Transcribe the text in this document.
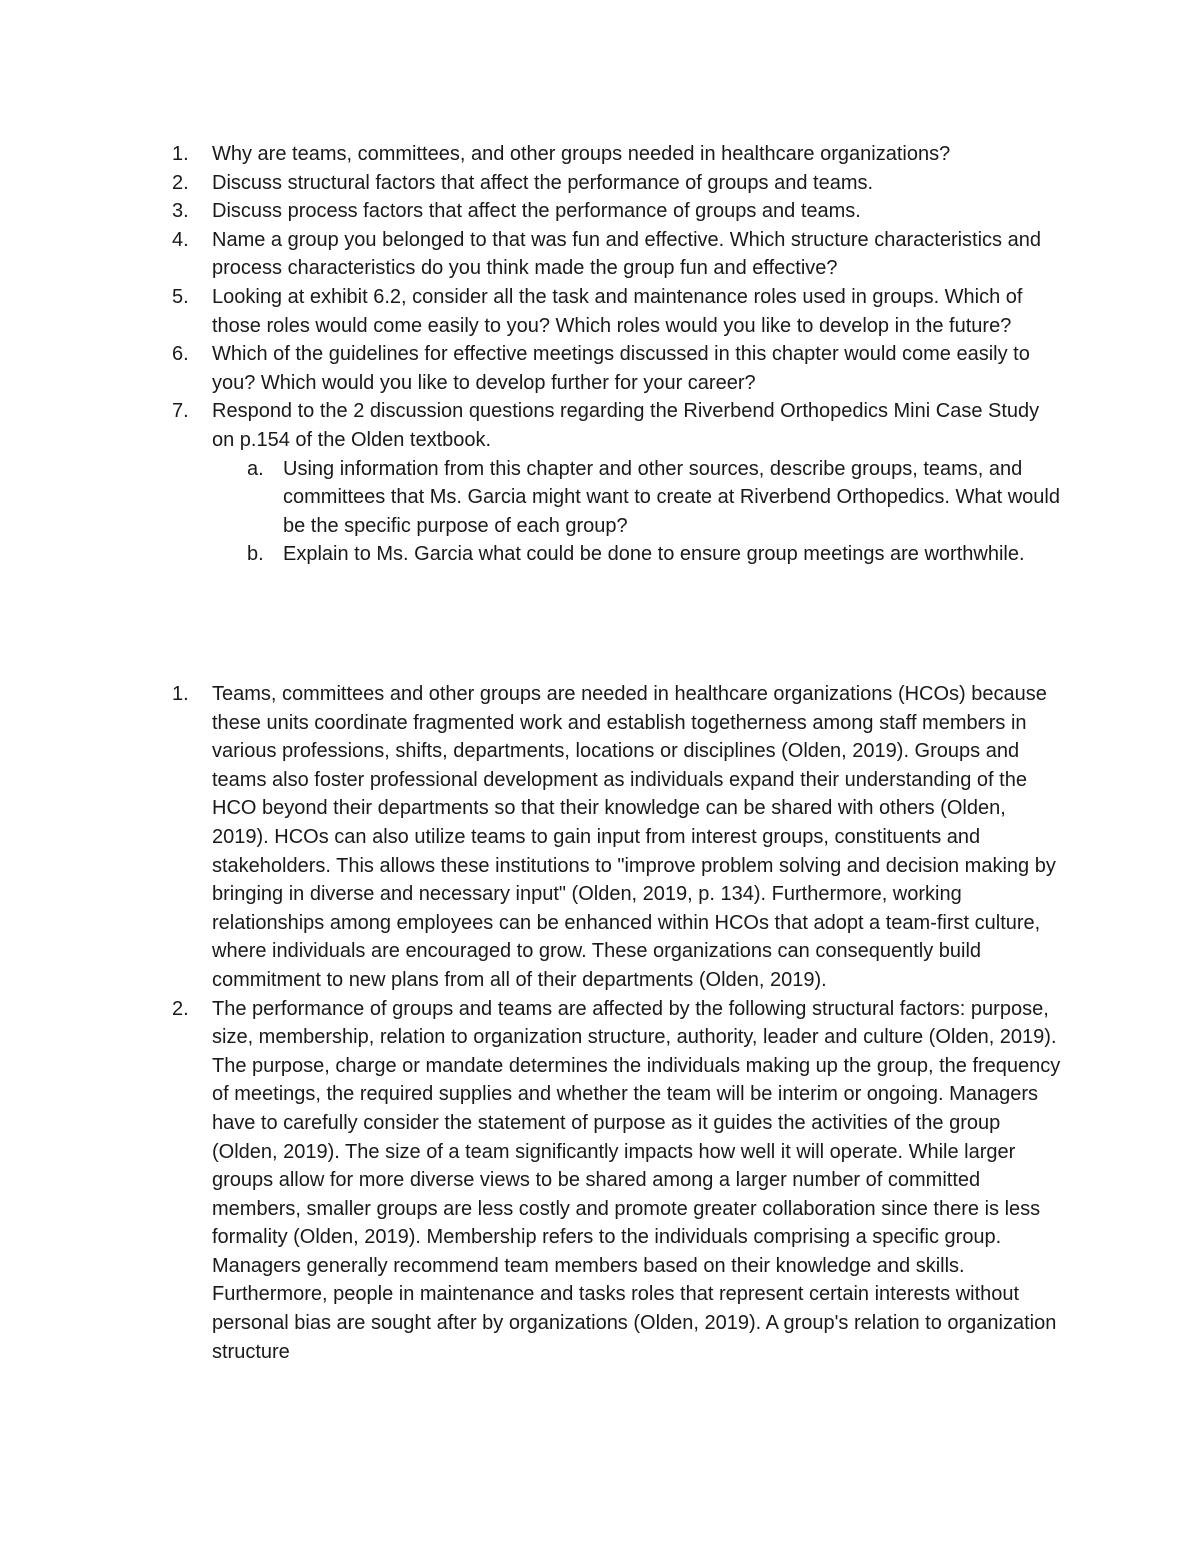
1.	Why are teams, committees, and other groups needed in healthcare organizations?
2.	Discuss structural factors that affect the performance of groups and teams.
3.	Discuss process factors that affect the performance of groups and teams.
4.	Name a group you belonged to that was fun and effective. Which structure characteristics and process characteristics do you think made the group fun and effective?
5.	Looking at exhibit 6.2, consider all the task and maintenance roles used in groups. Which of those roles would come easily to you? Which roles would you like to develop in the future?
6.	Which of the guidelines for effective meetings discussed in this chapter would come easily to you? Which would you like to develop further for your career?
7.	Respond to the 2 discussion questions regarding the Riverbend Orthopedics Mini Case Study on p.154 of the Olden textbook.
a. Using information from this chapter and other sources, describe groups, teams, and committees that Ms. Garcia might want to create at Riverbend Orthopedics. What would be the specific purpose of each group?
b. Explain to Ms. Garcia what could be done to ensure group meetings are worthwhile.
1.	Teams, committees and other groups are needed in healthcare organizations (HCOs) because these units coordinate fragmented work and establish togetherness among staff members in various professions, shifts, departments, locations or disciplines (Olden, 2019). Groups and teams also foster professional development as individuals expand their understanding of the HCO beyond their departments so that their knowledge can be shared with others (Olden, 2019). HCOs can also utilize teams to gain input from interest groups, constituents and stakeholders. This allows these institutions to "improve problem solving and decision making by bringing in diverse and necessary input" (Olden, 2019, p. 134). Furthermore, working relationships among employees can be enhanced within HCOs that adopt a team-first culture, where individuals are encouraged to grow. These organizations can consequently build commitment to new plans from all of their departments (Olden, 2019).
2.	The performance of groups and teams are affected by the following structural factors: purpose, size, membership, relation to organization structure, authority, leader and culture (Olden, 2019). The purpose, charge or mandate determines the individuals making up the group, the frequency of meetings, the required supplies and whether the team will be interim or ongoing. Managers have to carefully consider the statement of purpose as it guides the activities of the group (Olden, 2019). The size of a team significantly impacts how well it will operate. While larger groups allow for more diverse views to be shared among a larger number of committed members, smaller groups are less costly and promote greater collaboration since there is less formality (Olden, 2019). Membership refers to the individuals comprising a specific group. Managers generally recommend team members based on their knowledge and skills. Furthermore, people in maintenance and tasks roles that represent certain interests without personal bias are sought after by organizations (Olden, 2019). A group's relation to organization structure
